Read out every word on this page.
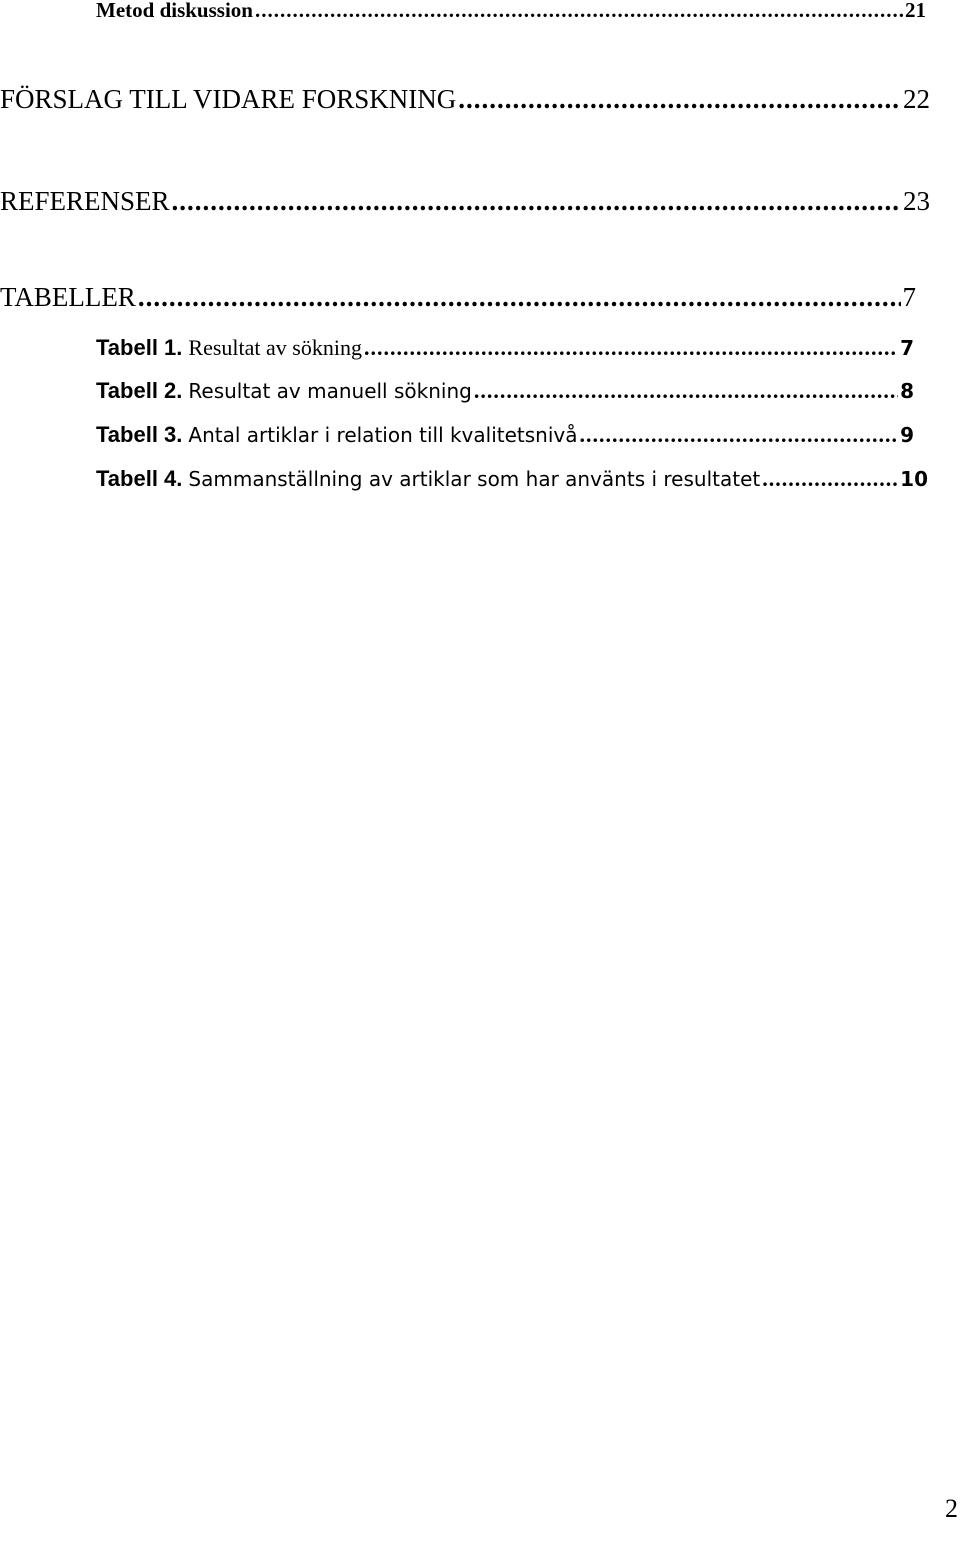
Metod diskussion .....	21
FÖRSLAG TILL VIDARE FORSKNING .....	22
REFERENSER .....	23
TABELLER .....	7
Tabell 1. Resultat av sökning .....	7
Tabell 2. Resultat av manuell sökning .....	8
Tabell 3. Antal artiklar i relation till kvalitetsnivå .....	9
Tabell 4. Sammanställning av artiklar som har använts i resultatet .....	10
2
